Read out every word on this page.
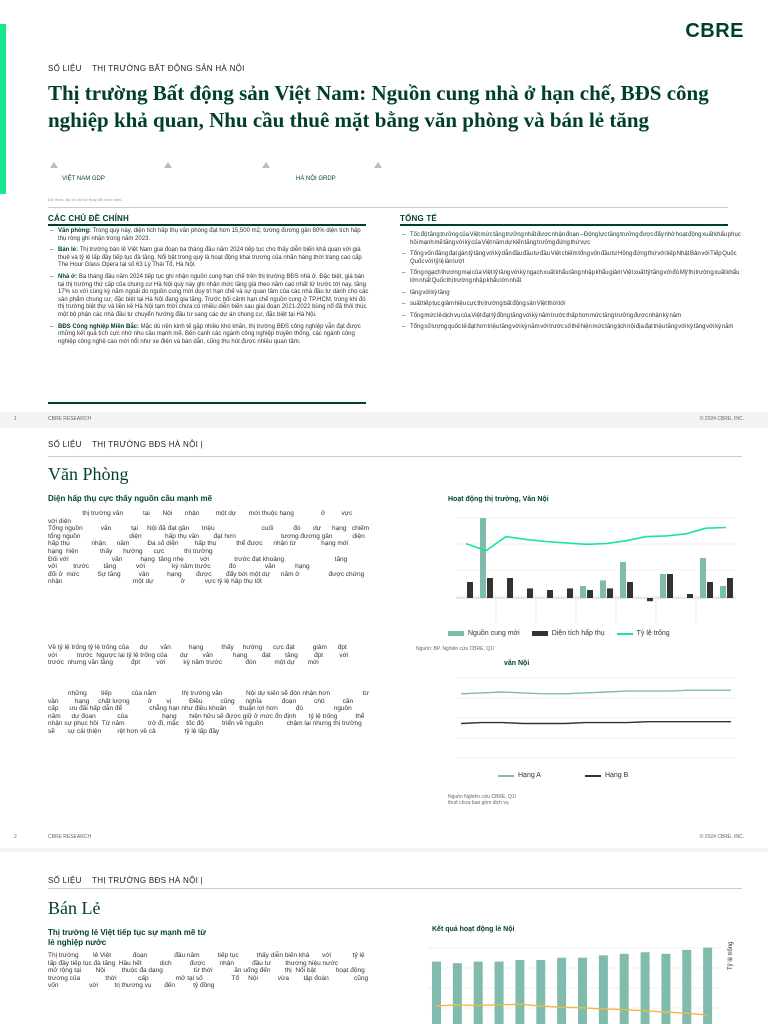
CBRE
SỐ LIỆU THỊ TRƯỜNG BẤT ĐỘNG SẢN HÀ NỘI
Thị trường Bất động sản Việt Nam: Nguồn cung nhà ở hạn chế, BĐS công nghiệp khả quan, Nhu cầu thuê mặt bằng văn phòng và bán lẻ tăng
VIỆT NAM GDP	HÀ NỘI GRDP
Dữ thích: Bạ tín chỉ sự thay đổi theo năm.
CÁC CHỦ ĐỀ CHÍNH
– Văn phòng: Trong quý này, diện tích hấp thụ văn phòng đạt hơn 15,500 m2, tương đương gần 80% diện tích hấp thụ ròng ghi nhận trong năm 2023.
– Bán lẻ: Thị trường bán lẻ Việt Nam giai đoạn ba tháng đầu năm 2024 tiếp tục cho thấy diễn biến khả quan với giá thuê và tỷ lệ lấp đầy tiếp tục đà tăng. Nổi bật trong quý là hoạt động khai trương của nhãn hàng thời trang cao cấp The Hour Glass Opera tại số 63 Lý Thái Tổ, Hà Nội.
– Nhà ở: Ba tháng đầu năm 2024 tiếp tục ghi nhận nguồn cung hạn chế trên thị trường BĐS nhà ở. Đặc biệt, giá bán tại thị trường thứ cấp của chung cư Hà Nội quý này ghi nhận mức tăng giá theo năm cao nhất từ trước tới nay, tăng 17% so với cùng kỳ năm ngoái do nguồn cung mới duy trì hạn chế và sự quan tâm của các nhà đầu tư dành cho các sản phẩm chung cư, đặc biệt tại Hà Nội đang gia tăng. Trước bối cảnh hạn chế nguồn cung ở TP.HCM, trong khi đó thị trường biệt thự và liền kề Hà Nội tạm thời chưa có nhiều diễn biến sau giai đoạn 2021-2022 bùng nổ đã thôi thúc một bộ phận các nhà đầu tư chuyển hướng đầu tư sang các dự án chung cư, đặc biệt tại Hà Nội.
– BĐS Công nghiệp Miền Bắc: Mặc dù nền kinh tế gặp nhiều khó khăn, thị trường BĐS công nghiệp vẫn đạt được những kết quả tích cực nhờ nhu cầu mạnh mẽ. Bên cạnh các ngành công nghiệp truyền thống, các ngành công nghiệp công nghệ cao mới nổi như xe điện và bán dẫn, cũng thu hút được nhiều quan tâm.
TỔNG TẾ
– Tốc độ tăng trưởng của Việt mức tăng trưởng nhất được nhận đoạn – Động lực tăng trưởng được đẩy nhờ hoạt động xuất khẩu phục hồi mạnh mẽ tăng với kỳ của Việt năm dự kiến tăng trưởng đứng thứ vực
– Tổng vốn đăng đạt gần tỷ tăng với kỳ dẫn đầu đầu tư đầu Việt chiếm tổng vốn đầu tư Hồng đứng thứ với tiếp Nhật Bản với Tiếp Quốc Quốc với tỷ lệ lần lượt
– Tổng ngạch thương mại của Việt tỷ tăng với kỳ ngạch xuất khẩu tăng nhập khẩu giảm Việt xuất tỷ tăng với đó Mỹ thị trường xuất khẩu lớn nhất Quốc thị trường nhập khẩu lớn nhất
– tăng với kỳ tăng
– suất tiếp tục giảm hiệu cực thị trường bất động sản Việt thời tới
– Tổng mức lẻ dịch vụ của Việt đạt tỷ đồng tăng với kỳ năm trước thấp hơn mức tăng trưởng được nhận kỳ năm
– Tổng số lượng quốc tế đạt hơn triệu tăng với kỳ năm với trước số thế hiện mức tăng lịch nội địa đạt triệu tăng với kỳ tăng với kỳ năm
1	CBRE RESEARCH	© 2024 CBRE, INC.
SỐ LIỆU THỊ TRƯỜNG BĐS HÀ NỘI |
Văn Phòng
Diện hấp thụ cực thấy nguồn cầu mạnh mẽ
thị trường văn           tại       Nội       nhận         một dự       mới thuộc hạng               ở         vực               với diện
Tổng nguồn          văn           tại     Nội đã đạt gần       triệu                          cuối           đó       dự      hạng   chiếm          tổng nguồn                           diện             hấp thụ văn        đạt hơn                         tương đương gần           diện           hấp thụ            nhận      năm          Đa số diện         hấp thụ           thể được      nhận từ              hạng mới                         hạng  hiện            thấy      hướng      cực           thị trường
Đối với                        văn          hạng  tăng nhẹ         với              trước đạt khoảng                            tăng         với         trước        tăng           với               kỳ năm trước          đó                văn           hạng                                         đối ở  mức          Sự tăng          văn          hạng        được        đẩy bởi một dự      năm ở                được chứng nhận                                       một dự               ở           vực tỷ lệ hấp thụ tốt
Về tỷ lệ trống tỷ lệ trống của      dự       văn          hạng          thấy     hướng      cực đạt          giảm      đpt        với           trước  Ngược lại tỷ lệ trống của       dự        văn           hạng        đạt        tăng         đpt         với          trước  nhưng văn tăng          đpt         với          kỳ năm trước             đón          một dự       mới
những        tiếp           của năm              thị trường văn             Nội dự kiến sẽ đón nhận hơn                  từ            văn         hạng     chất lượng          ở        vị          Điều          cũng      nghĩa           đoạn          chủ          cần          cấp      ưu đãi hấp dẫn để               chẳng hạn như điều khoản       thuận lợi hơn          đó                 nguồn                 năm      dự đoan            của                   hạng       hiện hữu sẽ được giữ ở mức ổn định       tỷ lệ trống          thể        nhận sự phục hồi  Từ năm             trở đi, mặc    tốc độ          triển về nguồn             chậm lại nhưng thị trường sẽ       sự cải thiện         rệt hơn về cả                tỷ lệ lấp đầy
Hoạt động thị trường, Văn Nội
Nguồn cung mới	Diện tích hấp thụ	Tỷ lệ trống
Nguồn: BP. Nghiên cứu CBRE, Q1/
văn Nội
Hạng A	Hạng B
Nguồn Nghiên cứu CBRE, Q1/
thuê chưa bao gồm dịch vụ
2	CBRE RESEARCH	© 2024 CBRE, INC.
SỐ LIỆU THỊ TRƯỜNG BĐS HÀ NỘI |
Bán Lẻ
Thị trường lẻ Việt tiếp tục sự mạnh mẽ từ
lẻ nghiệp nước
Thị trường        lẻ Việt            đoạn               đầu năm          tiếp tục          thấy diễn biến khả       với            tỷ lệ lấp đầy tiếp tục đà tăng  Hầu hết          dịch          được        nhận          đầu tư        thương hiệu nước              mở rộng tại        Nội         thuộc đa dạng                 từ thời            ăn uống đến        thị  Nổi bật           hoạt động         trương của              thời            cấp               mở tại số                Tổ     Nội           vừa        tập đoàn              cũng           vốn                 với         trị thương vụ       đến          tỷ đồng
Kết quả hoạt động lẻ Nội
Tỷ lệ trống
